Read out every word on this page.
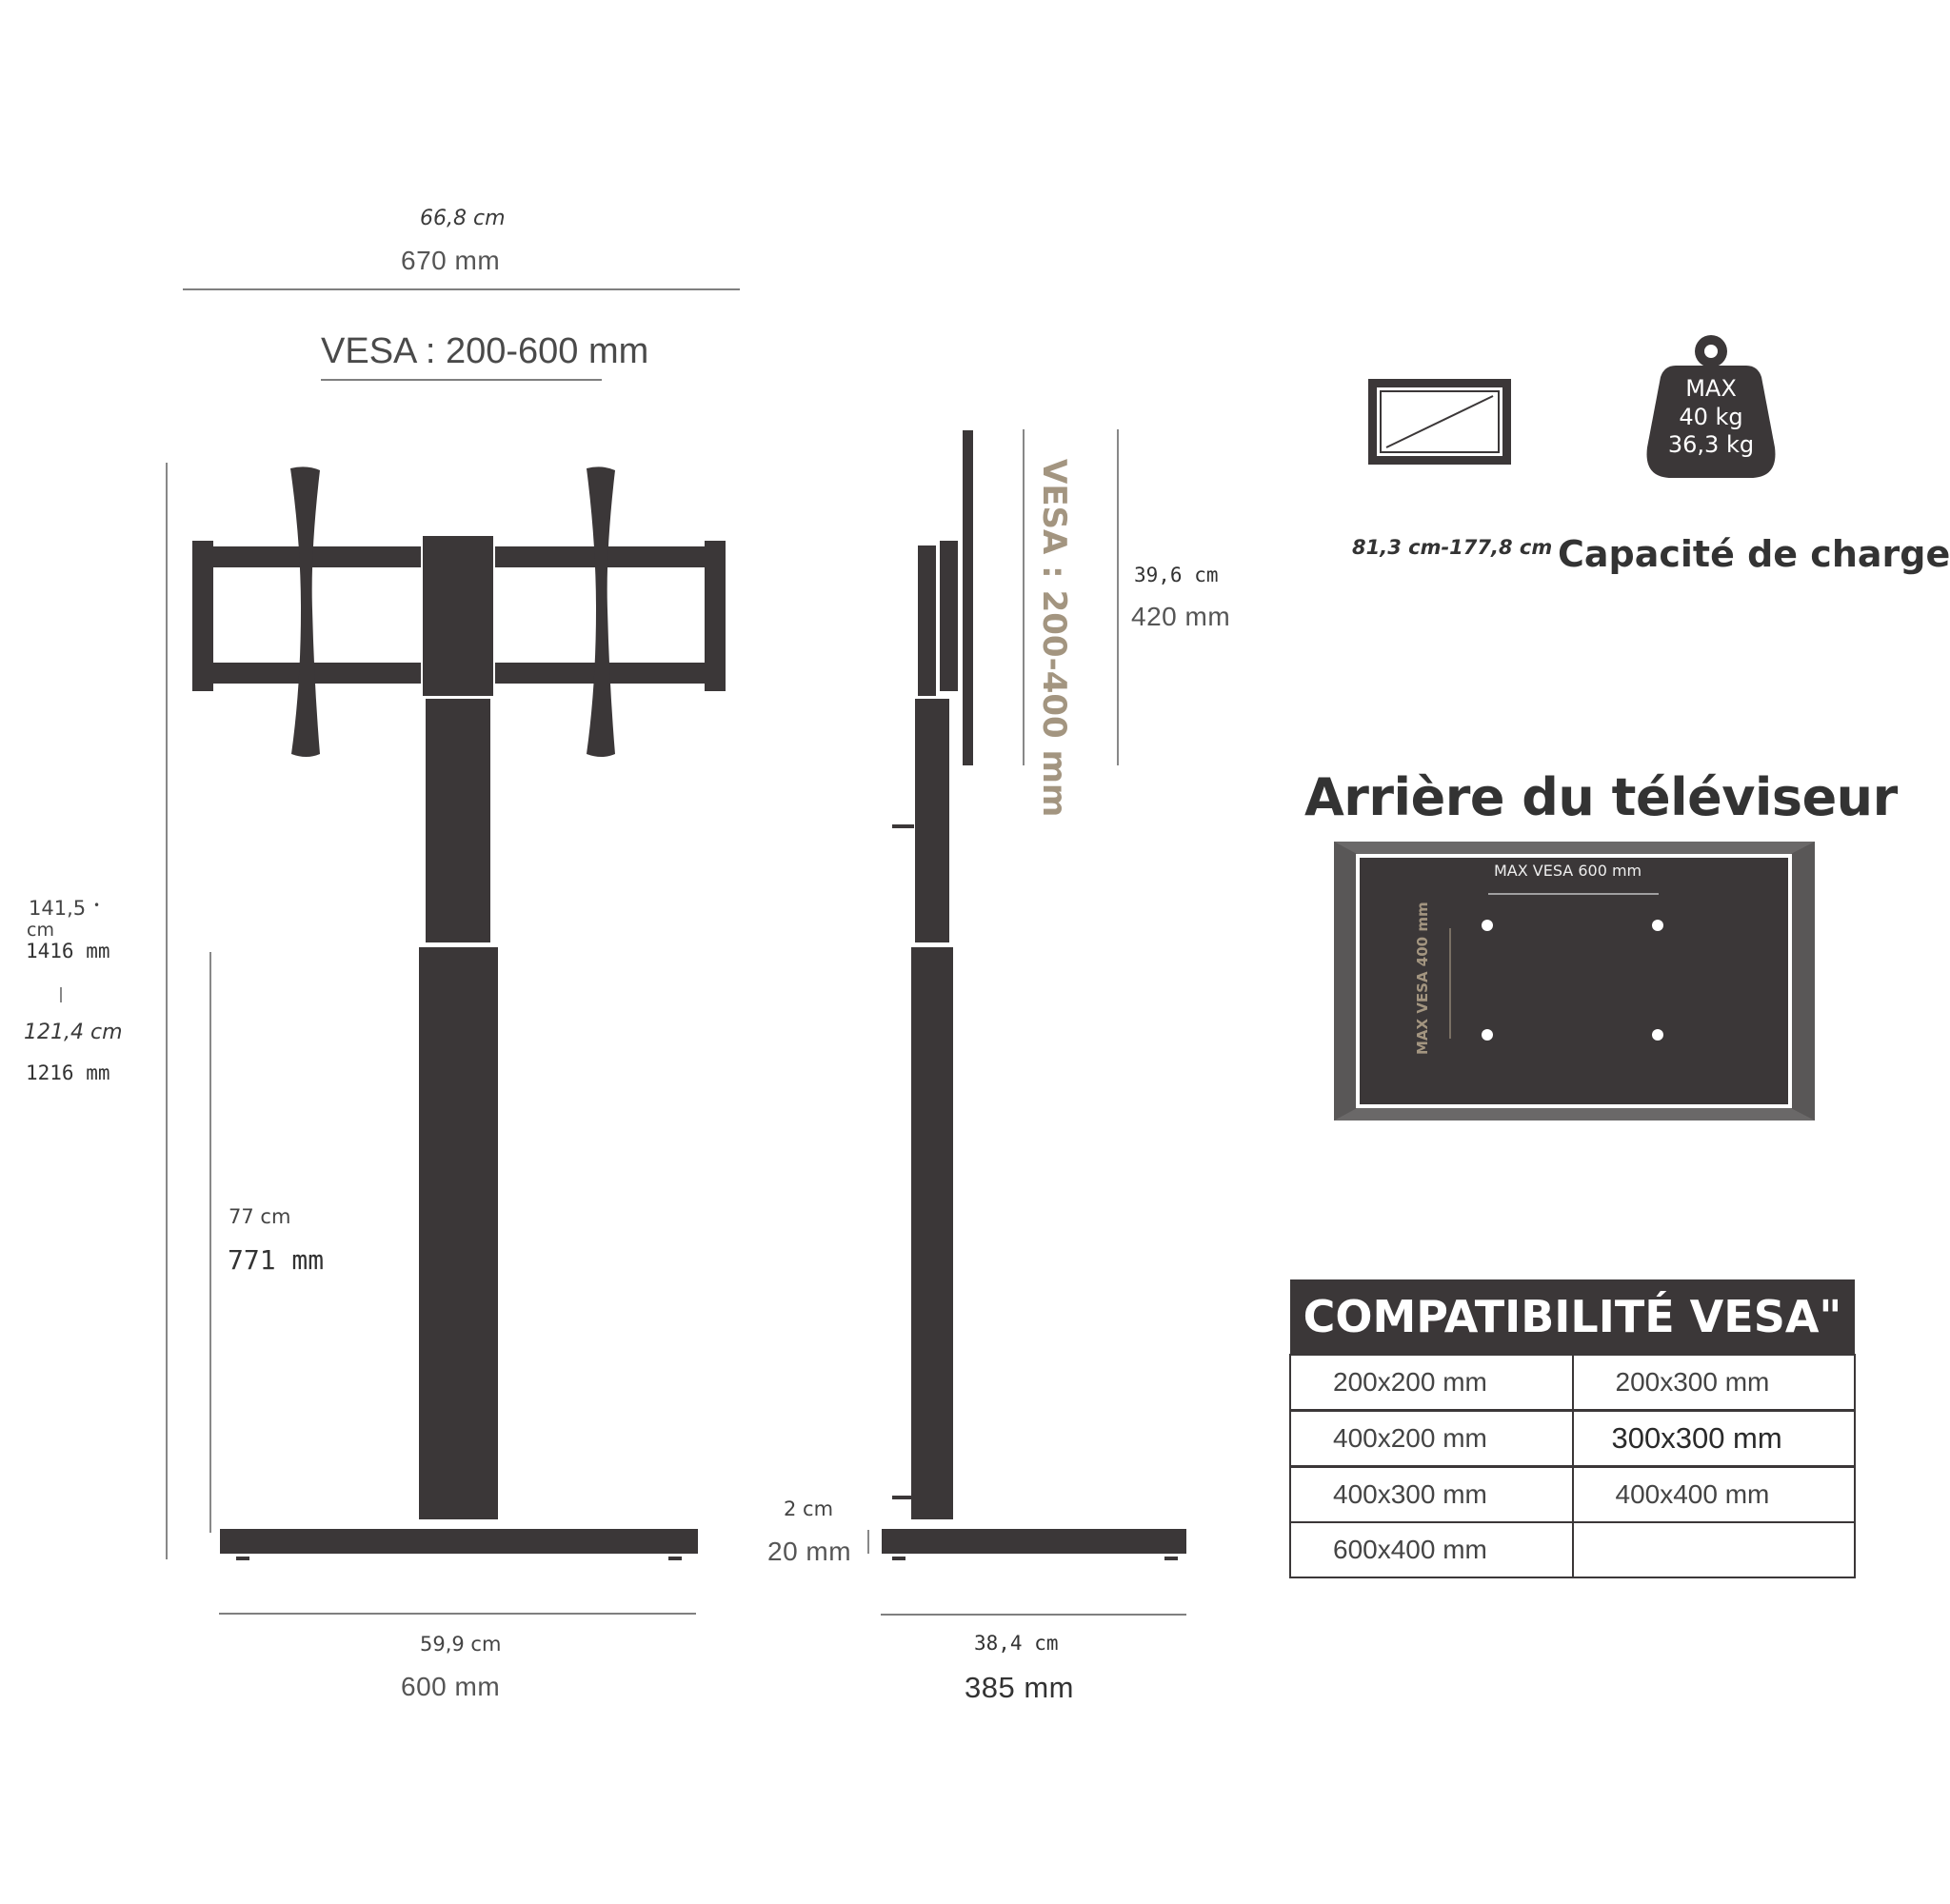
66,8 cm
670 mm
VESA : 200-600 mm
141,5 •
cm
1416 mm
121,4 cm
1216 mm
77 cm
771 mm
59,9 cm
600 mm
VESA : 200-400 mm	39,6 cm
420 mm
2 cm
20 mm
38,4 cm
385 mm
81,3 cm-177,8 cm
MAX
40 kg
36,3 kg
Capacité de charge
Arrière du téléviseur
MAX VESA 600 mm
MAX VESA 400 mm
COMPATIBILITÉ VESA"	
200x200 mm	200x300 mm
400x200 mm	300x300 mm
400x300 mm	400x400 mm
600x400 mm	
